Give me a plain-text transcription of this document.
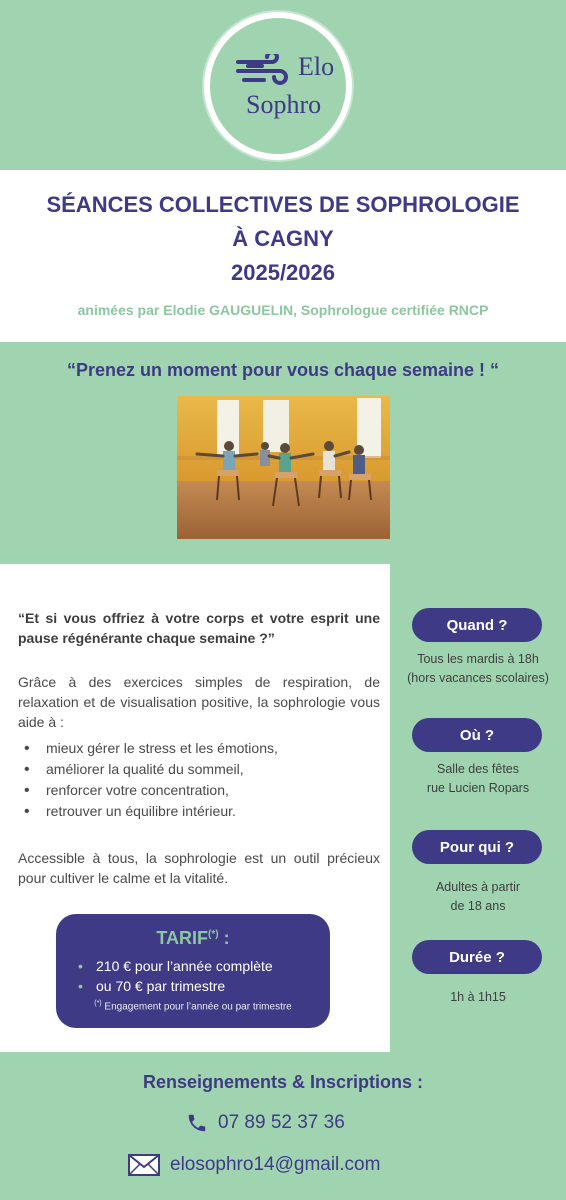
Elo
Sophro
SÉANCES COLLECTIVES DE SOPHROLOGIE
À CAGNY
2025/2026
animées par Elodie GAUGUELIN, Sophrologue certifiée RNCP
“Prenez un moment pour vous chaque semaine ! “
“Et si vous offriez à votre corps et votre esprit une pause régénérante chaque semaine ?”
Grâce à des exercices simples de respiration, de relaxation et de visualisation positive, la sophrologie vous aide à :
• mieux gérer le stress et les émotions,
• améliorer la qualité du sommeil,
• renforcer votre concentration,
• retrouver un équilibre intérieur.
Accessible à tous, la sophrologie est un outil précieux pour cultiver le calme et la vitalité.
TARIF(*) :
• 210 € pour l’année complète
• ou 70 € par trimestre
(*) Engagement pour l’année ou par trimestre
Quand ?
Tous les mardis à 18h
(hors vacances scolaires)
Où ?
Salle des fêtes
rue Lucien Ropars
Pour qui ?
Adultes à partir
de 18 ans
Durée ?
1h à 1h15
Renseignements & Inscriptions :
07 89 52 37 36
elosophro14@gmail.com
